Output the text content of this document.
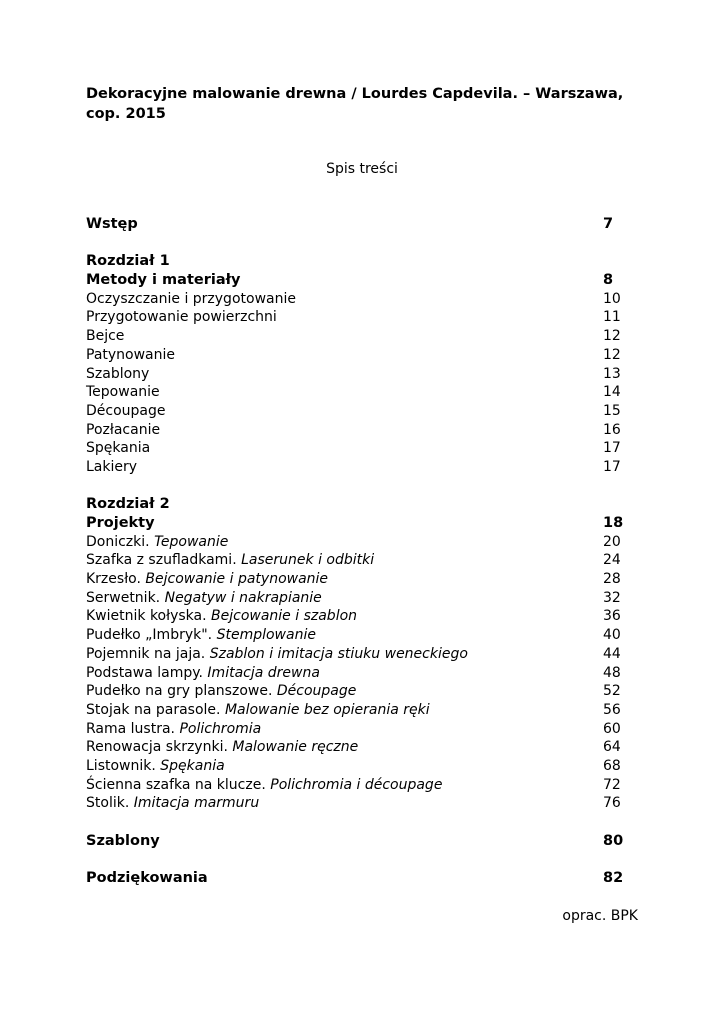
Dekoracyjne malowanie drewna / Lourdes Capdevila. – Warszawa, cop. 2015
Spis treści
Wstęp	7
Rozdział 1
Metody i materiały	8
Oczyszczanie i przygotowanie	10
Przygotowanie powierzchni	11
Bejce	12
Patynowanie	12
Szablony	13
Tepowanie	14
Découpage	15
Pozłacanie	16
Spękania	17
Lakiery	17
Rozdział 2
Projekty	18
Doniczki. Tepowanie	20
Szafka z szufladkami. Laserunek i odbitki	24
Krzesło. Bejcowanie i patynowanie	28
Serwetnik. Negatyw i nakrapianie	32
Kwietnik kołyska. Bejcowanie i szablon	36
Pudełko „Imbryk". Stemplowanie	40
Pojemnik na jaja. Szablon i imitacja stiuku weneckiego	44
Podstawa lampy. Imitacja drewna	48
Pudełko na gry planszowe. Découpage	52
Stojak na parasole. Malowanie bez opierania ręki	56
Rama lustra. Polichromia	60
Renowacja skrzynki. Malowanie ręczne	64
Listownik. Spękania	68
Ścienna szafka na klucze. Polichromia i découpage	72
Stolik. Imitacja marmuru	76
Szablony	80
Podziękowania	82
oprac. BPK
